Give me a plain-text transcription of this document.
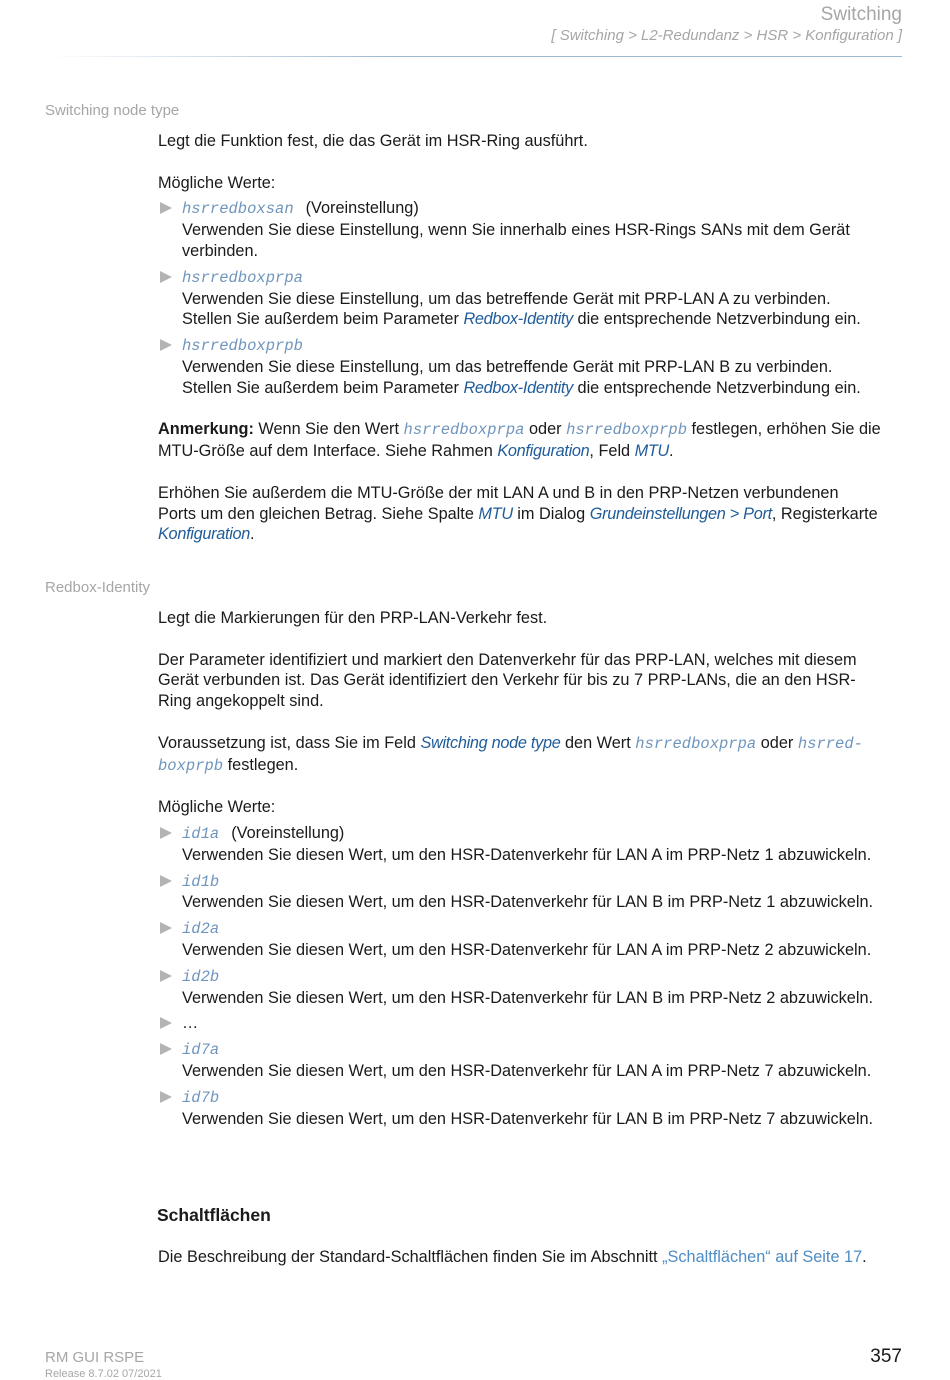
Switching
[ Switching > L2-Redundanz > HSR > Konfiguration ]
Switching node type

Legt die Funktion fest, die das Gerät im HSR-Ring ausführt.

Mögliche Werte:

hsrredboxsan (Voreinstellung)
Verwenden Sie diese Einstellung, wenn Sie innerhalb eines HSR-Rings SANs mit dem Gerät
verbinden.
hsrredboxprpa
Verwenden Sie diese Einstellung, um das betreffende Gerät mit PRP-LAN A zu verbinden.
Stellen Sie außerdem beim Parameter Redbox-Identity die entsprechende Netzverbindung ein.
hsrredboxprpb
Verwenden Sie diese Einstellung, um das betreffende Gerät mit PRP-LAN B zu verbinden.
Stellen Sie außerdem beim Parameter Redbox-Identity die entsprechende Netzverbindung ein.

Anmerkung: Wenn Sie den Wert hsrredboxprpa oder hsrredboxprpb festlegen, erhöhen Sie die
MTU-Größe auf dem Interface. Siehe Rahmen Konfiguration, Feld MTU.

Erhöhen Sie außerdem die MTU-Größe der mit LAN A und B in den PRP-Netzen verbundenen
Ports um den gleichen Betrag. Siehe Spalte MTU im Dialog Grundeinstellungen > Port, Registerkarte
Konfiguration.

Redbox-Identity

Legt die Markierungen für den PRP-LAN-Verkehr fest.

Der Parameter identifiziert und markiert den Datenverkehr für das PRP-LAN, welches mit diesem
Gerät verbunden ist. Das Gerät identifiziert den Verkehr für bis zu 7 PRP-LANs, die an den HSR-
Ring angekoppelt sind.

Voraussetzung ist, dass Sie im Feld Switching node type den Wert hsrredboxprpa oder hsrred-
boxprpb festlegen.

Mögliche Werte:

id1a (Voreinstellung)
Verwenden Sie diesen Wert, um den HSR-Datenverkehr für LAN A im PRP-Netz 1 abzuwickeln.
id1b
Verwenden Sie diesen Wert, um den HSR-Datenverkehr für LAN B im PRP-Netz 1 abzuwickeln.
id2a
Verwenden Sie diesen Wert, um den HSR-Datenverkehr für LAN A im PRP-Netz 2 abzuwickeln.
id2b
Verwenden Sie diesen Wert, um den HSR-Datenverkehr für LAN B im PRP-Netz 2 abzuwickeln.
…
id7a
Verwenden Sie diesen Wert, um den HSR-Datenverkehr für LAN A im PRP-Netz 7 abzuwickeln.
id7b
Verwenden Sie diesen Wert, um den HSR-Datenverkehr für LAN B im PRP-Netz 7 abzuwickeln.
Schaltflächen
Die Beschreibung der Standard-Schaltflächen finden Sie im Abschnitt „Schaltflächen“ auf Seite 17.
RM GUI RSPE
Release 8.7.02 07/2021
357
